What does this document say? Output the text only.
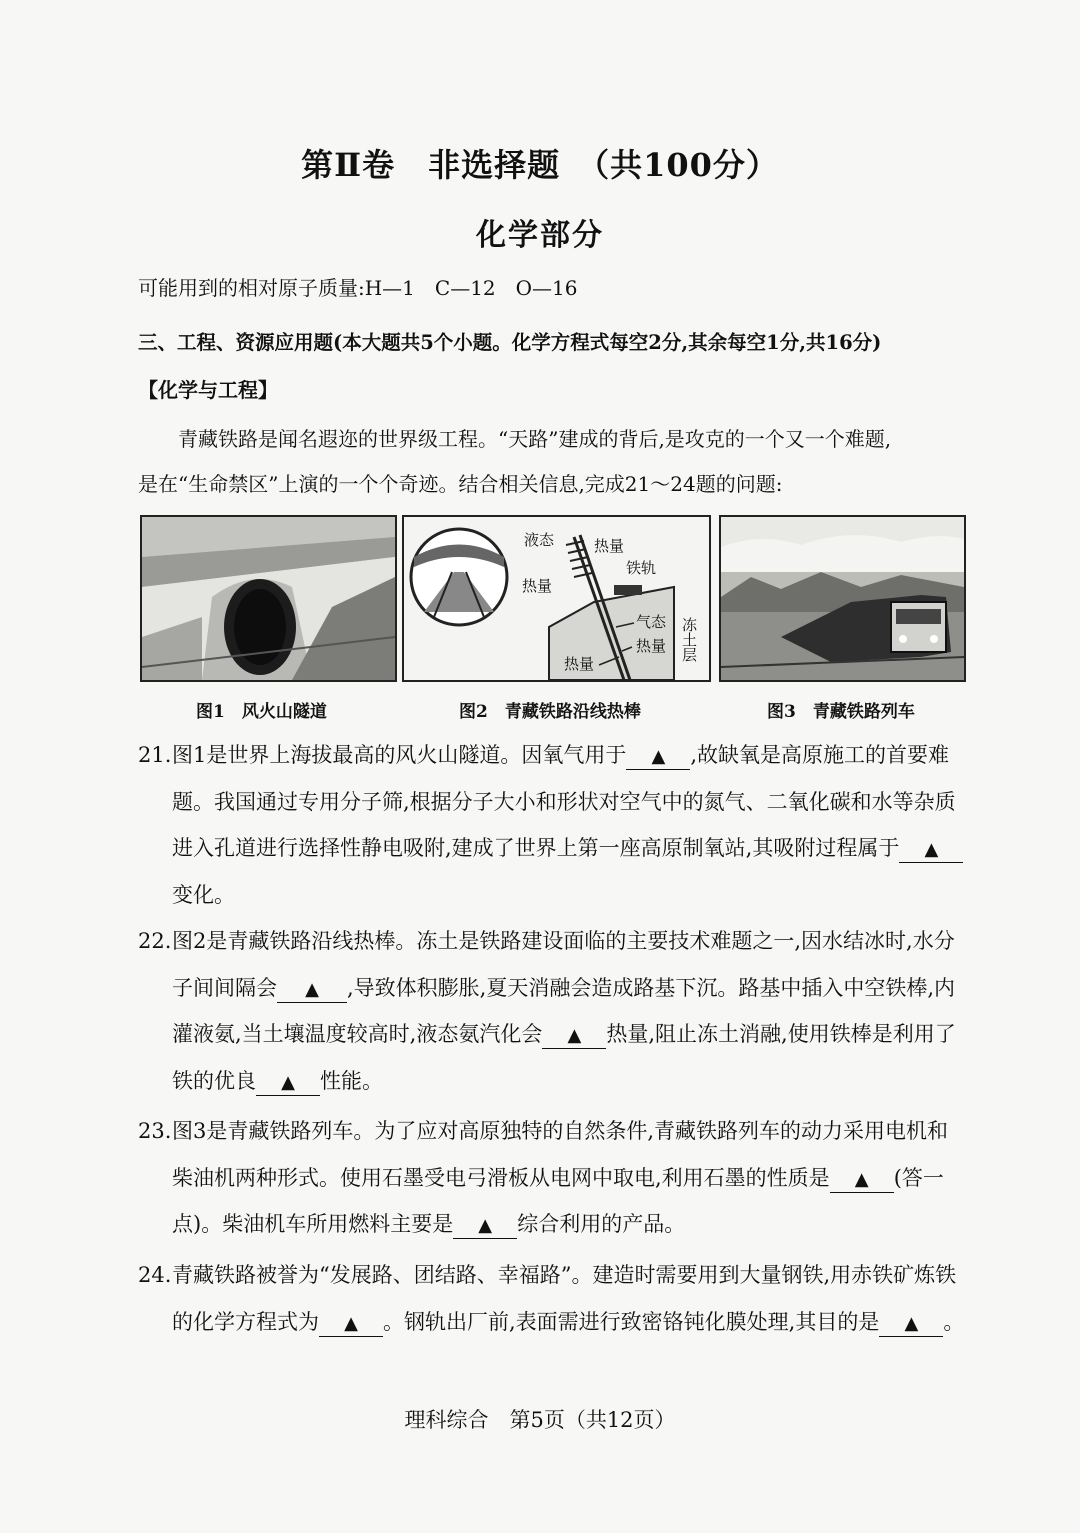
第Ⅱ卷　非选择题　（共100分）
化学部分
可能用到的相对原子质量:H—1　C—12　O—16
三、工程、资源应用题(本大题共5个小题。化学方程式每空2分,其余每空1分,共16分)
【化学与工程】
青藏铁路是闻名遐迩的世界级工程。“天路”建成的背后,是攻克的一个又一个难题,
是在“生命禁区”上演的一个个奇迹。结合相关信息,完成21～24题的问题:
液态	热量
铁轨
热量
气态
热量
热量
冻土层
图1　风火山隧道	图2　青藏铁路沿线热棒	图3　青藏铁路列车
21. 图1是世界上海拔最高的风火山隧道。因氧气用于 ▲ ,故缺氧是高原施工的首要难题。我国通过专用分子筛,根据分子大小和形状对空气中的氮气、二氧化碳和水等杂质进入孔道进行选择性静电吸附,建成了世界上第一座高原制氧站,其吸附过程属于 ▲变化。
22. 图2是青藏铁路沿线热棒。冻土是铁路建设面临的主要技术难题之一,因水结冰时,水分子间间隔会 ▲ ,导致体积膨胀,夏天消融会造成路基下沉。路基中插入中空铁棒,内灌液氨,当土壤温度较高时,液态氨汽化会 ▲ 热量,阻止冻土消融,使用铁棒是利用了铁的优良 ▲ 性能。
23. 图3是青藏铁路列车。为了应对高原独特的自然条件,青藏铁路列车的动力采用电机和柴油机两种形式。使用石墨受电弓滑板从电网中取电,利用石墨的性质是 ▲ (答一点)。柴油机车所用燃料主要是 ▲ 综合利用的产品。
24. 青藏铁路被誉为“发展路、团结路、幸福路”。建造时需要用到大量钢铁,用赤铁矿炼铁的化学方程式为 ▲ 。钢轨出厂前,表面需进行致密铬钝化膜处理,其目的是 ▲ 。
理科综合　第5页（共12页）
